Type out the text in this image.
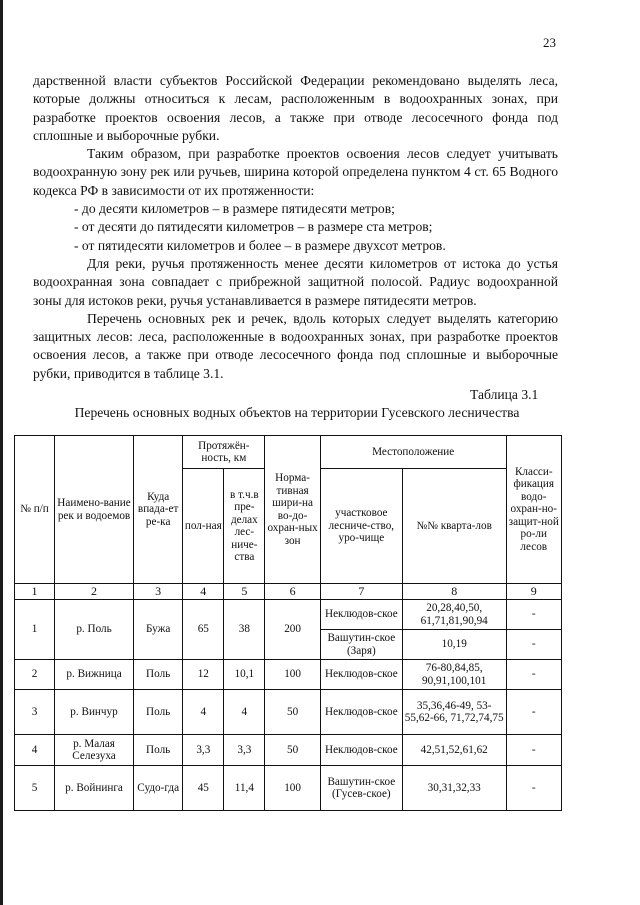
23

дарственной власти субъектов Российской Федерации рекомендовано выделять леса, которые должны относиться к лесам, расположенным в водоохранных зонах, при разработке проектов освоения лесов, а также при отводе лесосечного фонда под сплошные и выборочные рубки.

Таким образом, при разработке проектов освоения лесов следует учитывать водоохранную зону рек или ручьев, ширина которой определена пунктом 4 ст. 65 Водного кодекса РФ в зависимости от их протяженности:

- до десяти километров – в размере пятидесяти метров;

- от десяти до пятидесяти километров – в размере ста метров;

- от пятидесяти километров и более – в размере двухсот метров.

Для реки, ручья протяженность менее десяти километров от истока до устья водоохранная зона совпадает с прибрежной защитной полосой. Радиус водоохранной зоны для истоков реки, ручья устанавливается в размере пятидесяти метров.

Перечень основных рек и речек, вдоль которых следует выделять категорию защитных лесов: леса, расположенные в водоохранных зонах, при разработке проектов освоения лесов, а также при отводе лесосечного фонда под сплошные и выборочные рубки, приводится в таблице 3.1.

Таблица 3.1
Перечень основных водных объектов на территории Гусевского лесничества
№ п/п	Наимено-вание рек и водоемов	Куда впада-ет ре-ка	Протяжён-ность, км		Норма-тивная шири-на во-до-охран-ных зон	Местоположение		Класси-фикация водо-охран-но-защит-ной ро-ли лесов
			пол-ная	в т.ч.в пре-делах лес-ниче-ства		участковое лесниче-ство, уро-чище	№№ кварта-лов	
1	2	3	4	5	6	7	8	9
1	р. Поль	Бужа	65	38	200	Неклюдов-ское	20,28,40,50, 61,71,81,90,94	-
						Вашутин-ское (Заря)	10,19	-
2	р. Вижница	Поль	12	10,1	100	Неклюдов-ское	76-80,84,85, 90,91,100,101	-
3	р. Винчур	Поль	4	4	50	Неклюдов-ское	35,36,46-49, 53-55,62-66, 71,72,74,75	-
4	р. Малая Селезуха	Поль	3,3	3,3	50	Неклюдов-ское	42,51,52,61,62	-
5	р. Войнинга	Судо-гда	45	11,4	100	Вашутин-ское (Гусев-ское)	30,31,32,33	-
